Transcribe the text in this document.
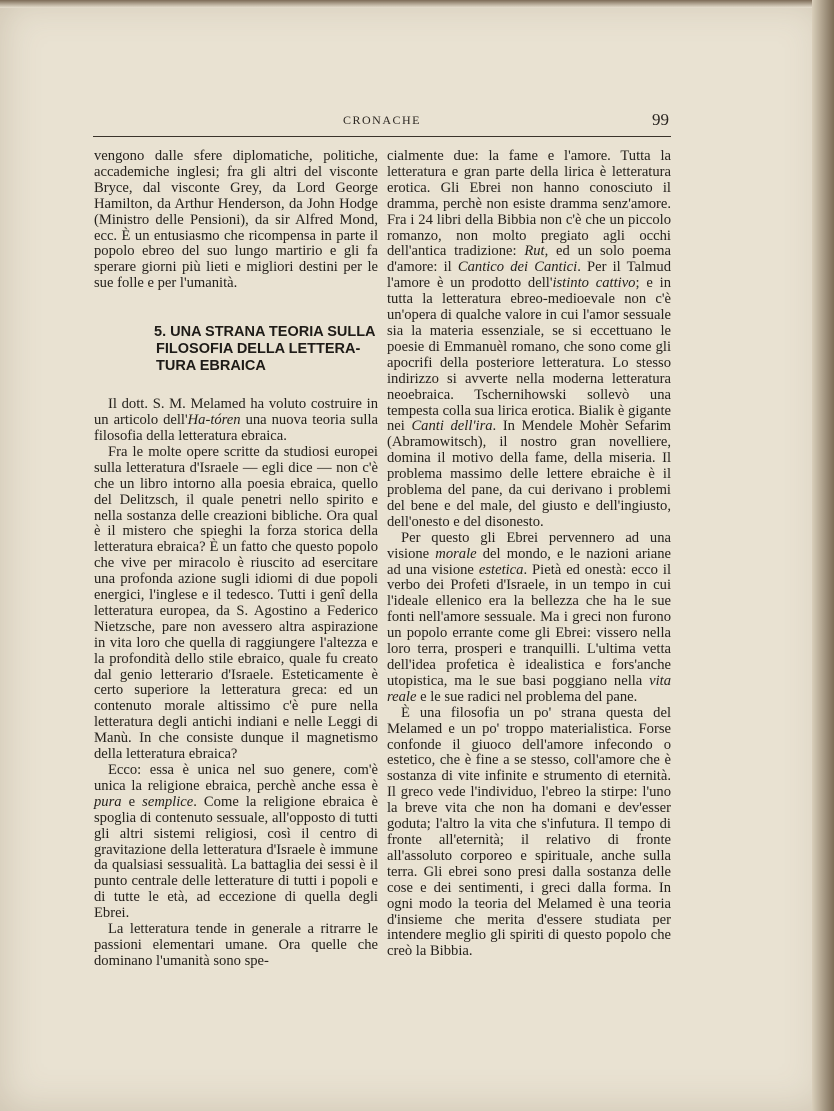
CRONACHE	99

vengono dalle sfere diplomatiche, politiche, accademiche inglesi; fra gli altri del visconte Bryce, dal visconte Grey, da Lord George Hamilton, da Arthur Henderson, da John Hodge (Ministro delle Pensioni), da sir Alfred Mond, ecc. È un entusiasmo che ricompensa in parte il popolo ebreo del suo lungo martirio e gli fa sperare giorni più lieti e migliori destini per le sue folle e per l'umanità.

5. UNA STRANA TEORIA SULLA
FILOSOFIA DELLA LETTERA-
TURA EBRAICA

Il dott. S. M. Melamed ha voluto costruire in un articolo dell'Ha-tóren una nuova teoria sulla filosofia della letteratura ebraica.

Fra le molte opere scritte da studiosi europei sulla letteratura d'Israele — egli dice — non c'è che un libro intorno alla poesia ebraica, quello del Delitzsch, il quale penetri nello spirito e nella sostanza delle creazioni bibliche. Ora qual è il mistero che spieghi la forza storica della letteratura ebraica? È un fatto che questo popolo che vive per miracolo è riuscito ad esercitare una profonda azione sugli idiomi di due popoli energici, l'inglese e il tedesco. Tutti i genî della letteratura europea, da S. Agostino a Federico Nietzsche, pare non avessero altra aspirazione in vita loro che quella di raggiungere l'altezza e la profondità dello stile ebraico, quale fu creato dal genio letterario d'Israele. Esteticamente è certo superiore la letteratura greca: ed un contenuto morale altissimo c'è pure nella letteratura degli antichi indiani e nelle Leggi di Manù. In che consiste dunque il magnetismo della letteratura ebraica?

Ecco: essa è unica nel suo genere, com'è unica la religione ebraica, perchè anche essa è pura e semplice. Come la religione ebraica è spoglia di contenuto sessuale, all'opposto di tutti gli altri sistemi religiosi, così il centro di gravitazione della letteratura d'Israele è immune da qualsiasi sessualità. La battaglia dei sessi è il punto centrale delle letterature di tutti i popoli e di tutte le età, ad eccezione di quella degli Ebrei.

La letteratura tende in generale a ritrarre le passioni elementari umane. Ora quelle che dominano l'umanità sono spe-

cialmente due: la fame e l'amore. Tutta la letteratura e gran parte della lirica è letteratura erotica. Gli Ebrei non hanno conosciuto il dramma, perchè non esiste dramma senz'amore. Fra i 24 libri della Bibbia non c'è che un piccolo romanzo, non molto pregiato agli occhi dell'antica tradizione: Rut, ed un solo poema d'amore: il Cantico dei Cantici. Per il Talmud l'amore è un prodotto dell'istinto cattivo; e in tutta la letteratura ebreo-medioevale non c'è un'opera di qualche valore in cui l'amor sessuale sia la materia essenziale, se si eccettuano le poesie di Emmanuèl romano, che sono come gli apocrifi della posteriore letteratura. Lo stesso indirizzo si avverte nella moderna letteratura neoebraica. Tschernihowski sollevò una tempesta colla sua lirica erotica. Bialik è gigante nei Canti dell'ira. In Mendele Mohèr Sefarim (Abramowitsch), il nostro gran novelliere, domina il motivo della fame, della miseria. Il problema massimo delle lettere ebraiche è il problema del pane, da cui derivano i problemi del bene e del male, del giusto e dell'ingiusto, dell'onesto e del disonesto.

Per questo gli Ebrei pervennero ad una visione morale del mondo, e le nazioni ariane ad una visione estetica. Pietà ed onestà: ecco il verbo dei Profeti d'Israele, in un tempo in cui l'ideale ellenico era la bellezza che ha le sue fonti nell'amore sessuale. Ma i greci non furono un popolo errante come gli Ebrei: vissero nella loro terra, prosperi e tranquilli. L'ultima vetta dell'idea profetica è idealistica e fors'anche utopistica, ma le sue basi poggiano nella vita reale e le sue radici nel problema del pane.

È una filosofia un po' strana questa del Melamed e un po' troppo materialistica. Forse confonde il giuoco dell'amore infecondo o estetico, che è fine a se stesso, coll'amore che è sostanza di vite infinite e strumento di eternità. Il greco vede l'individuo, l'ebreo la stirpe: l'uno la breve vita che non ha domani e dev'esser goduta; l'altro la vita che s'infutura. Il tempo di fronte all'eternità; il relativo di fronte all'assoluto corporeo e spirituale, anche sulla terra. Gli ebrei sono presi dalla sostanza delle cose e dei sentimenti, i greci dalla forma. In ogni modo la teoria del Melamed è una teoria d'insieme che merita d'essere studiata per intendere meglio gli spiriti di questo popolo che creò la Bibbia.
